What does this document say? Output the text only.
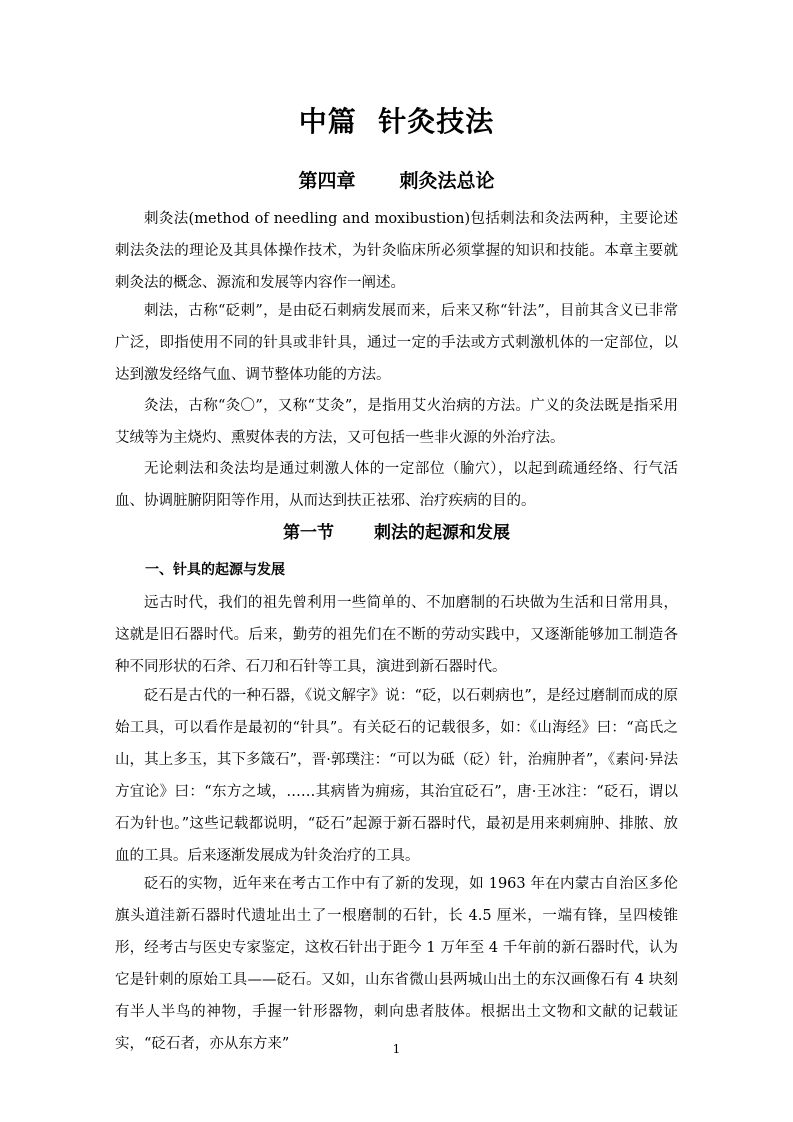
中篇  针灸技法
第四章 刺灸法总论

刺灸法(method of needling and moxibustion)包括刺法和灸法两种，主要论述刺法灸法的理论及其具体操作技术，为针灸临床所必须掌握的知识和技能。本章主要就刺灸法的概念、源流和发展等内容作一阐述。

刺法，古称“砭刺”，是由砭石刺病发展而来，后来又称“针法”，目前其含义已非常广泛，即指使用不同的针具或非针具，通过一定的手法或方式刺激机体的一定部位，以达到激发经络气血、调节整体功能的方法。

灸法，古称“灸〇”，又称“艾灸”，是指用艾火治病的方法。广义的灸法既是指采用艾绒等为主烧灼、熏熨体表的方法，又可包括一些非火源的外治疗法。

无论刺法和灸法均是通过刺激人体的一定部位（腧穴），以起到疏通经络、行气活血、协调脏腑阴阳等作用，从而达到扶正祛邪、治疗疾病的目的。

第一节 刺法的起源和发展
一、针具的起源与发展

远古时代，我们的祖先曾利用一些简单的、不加磨制的石块做为生活和日常用具，这就是旧石器时代。后来，勤劳的祖先们在不断的劳动实践中，又逐渐能够加工制造各种不同形状的石斧、石刀和石针等工具，演进到新石器时代。

砭石是古代的一种石器，《说文解字》说：“砭，以石刺病也”，是经过磨制而成的原始工具，可以看作是最初的“针具”。有关砭石的记载很多，如：《山海经》曰：“高氏之山，其上多玉，其下多箴石”，晋·郭璞注：“可以为砥（砭）针，治痈肿者”，《素问·异法方宜论》曰：“东方之域，……其病皆为痈疡，其治宜砭石”，唐·王冰注：“砭石，谓以石为针也。”这些记载都说明，“砭石”起源于新石器时代，最初是用来刺痈肿、排脓、放血的工具。后来逐渐发展成为针灸治疗的工具。

砭石的实物，近年来在考古工作中有了新的发现，如 1963 年在内蒙古自治区多伦旗头道洼新石器时代遗址出土了一根磨制的石针，长 4.5 厘米，一端有锋，呈四棱锥形，经考古与医史专家鉴定，这枚石针出于距今 1 万年至 4 千年前的新石器时代，认为它是针刺的原始工具——砭石。又如，山东省微山县两城山出土的东汉画像石有 4 块刻有半人半鸟的神物，手握一针形器物，刺向患者肢体。根据出土文物和文献的记载证实，“砭石者，亦从东方来”	1
